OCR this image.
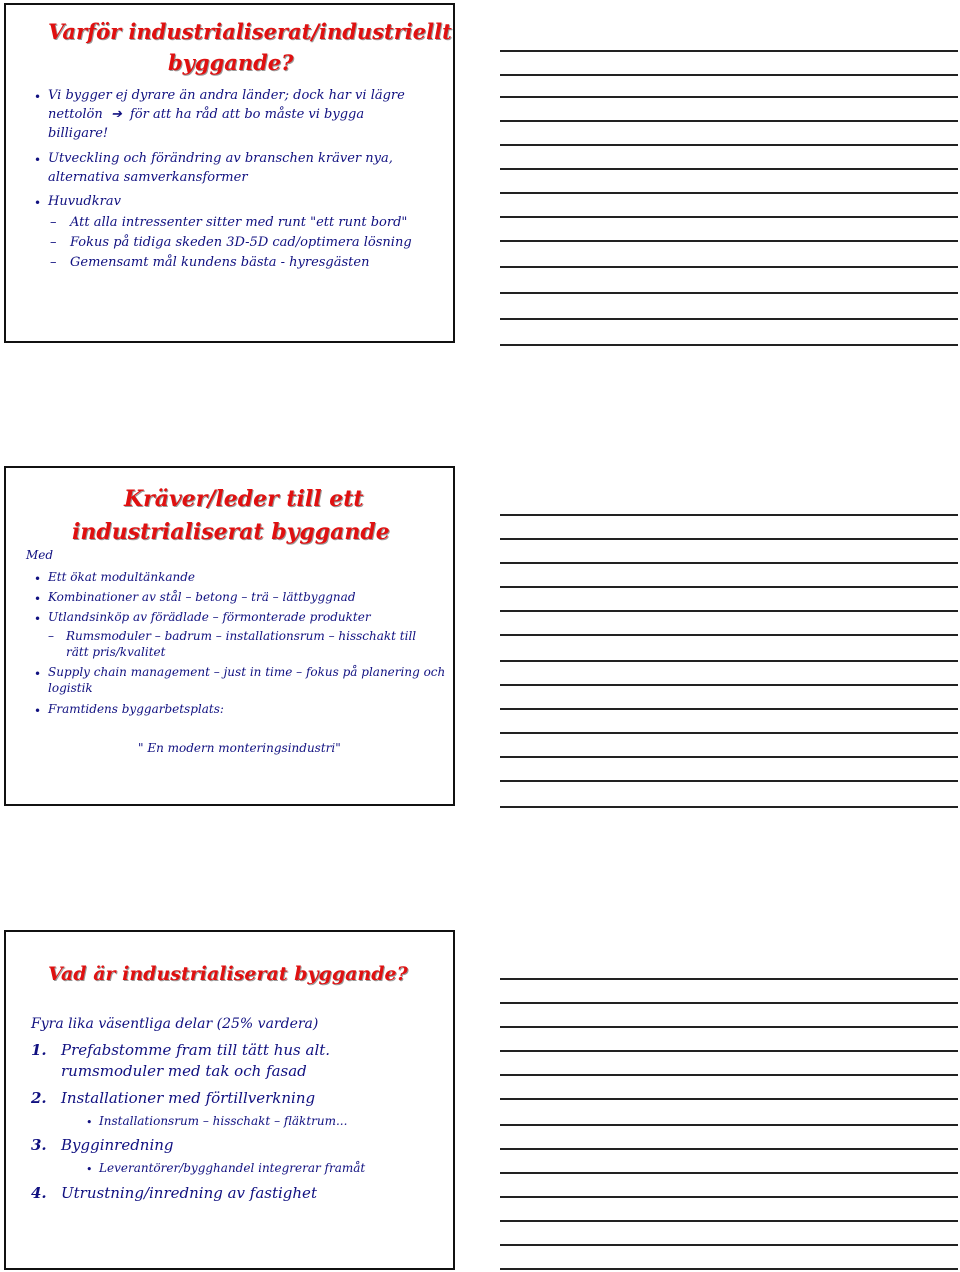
Varför industrialiserat/industriellt
byggande?
• Vi bygger ej dyrare än andra länder; dock har vi lägre
nettolön ➔ för att ha råd att bo måste vi bygga
billigare!
• Utveckling och förändring av branschen kräver nya,
alternativa samverkansformer
• Huvudkrav
– Att alla intressenter sitter med runt "ett runt bord"
– Fokus på tidiga skeden 3D-5D cad/optimera lösning
– Gemensamt mål kundens bästa - hyresgästen
Kräver/leder till ett
industrialiserat byggande
Med
• Ett ökat modultänkande
• Kombinationer av stål – betong – trä – lättbyggnad
• Utlandsinköp av förädlade – förmonterade produkter
– Rumsmoduler – badrum – installationsrum – hisschakt till
rätt pris/kvalitet
• Supply chain management – just in time – fokus på planering och
logistik
• Framtidens byggarbetsplats:
" En modern monteringsindustri"
Vad är industrialiserat byggande?
Fyra lika väsentliga delar (25% vardera)
1. Prefabstomme fram till tätt hus alt.
rumsmoduler med tak och fasad
2. Installationer med förtillverkning
• Installationsrum – hisschakt – fläktrum...
3. Bygginredning
• Leverantörer/bygghandel integrerar framåt
4. Utrustning/inredning av fastighet
